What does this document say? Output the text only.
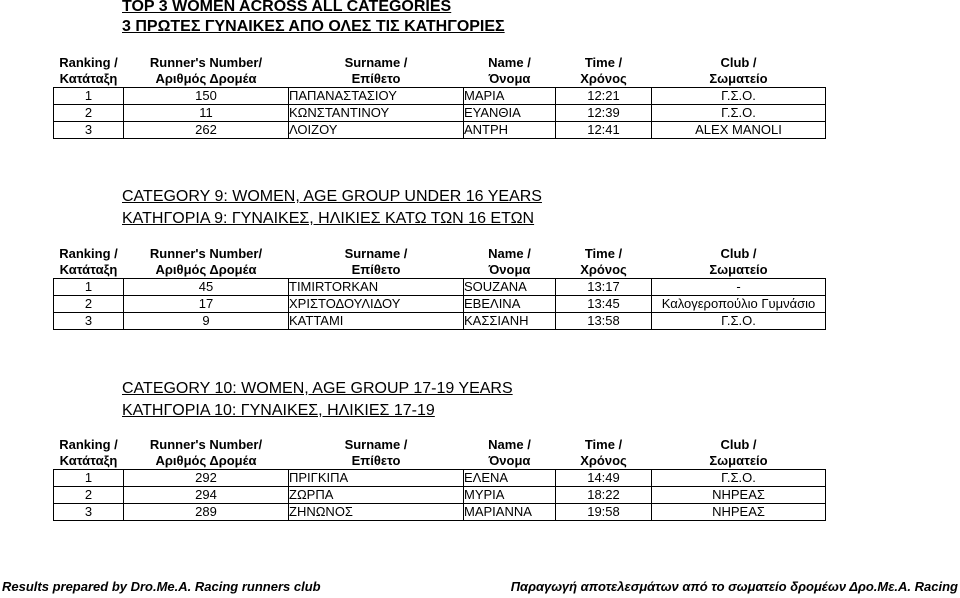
TOP 3 WOMEN ACROSS ALL CATEGORIES
3 ΠΡΩΤΕΣ ΓΥΝΑΙΚΕΣ ΑΠΟ ΟΛΕΣ ΤΙΣ ΚΑΤΗΓΟΡΙΕΣ
Ranking /	Runner's Number/	Surname /	Name /	Time /	Club /
Κατάταξη	Αριθμός Δρομέα	Επίθετο	Όνομα	Χρόνος	Σωματείο
1	150	ΠΑΠΑΝΑΣΤΑΣΙΟΥ	ΜΑΡΙΑ	12:21	Γ.Σ.Ο.
2	11	ΚΩΝΣΤΑΝΤΙΝΟΥ	ΕΥΑΝΘΙΑ	12:39	Γ.Σ.Ο.
3	262	ΛΟΙΖΟΥ	ΑΝΤΡΗ	12:41	ALEX MANOLI
CATEGORY 9: WOMEN, AGE GROUP UNDER 16 YEARS
ΚΑΤΗΓΟΡΙΑ 9: ΓΥΝΑΙΚΕΣ, ΗΛΙΚΙΕΣ ΚΑΤΩ ΤΩΝ 16 ΕΤΩΝ
Ranking /	Runner's Number/	Surname /	Name /	Time /	Club /
Κατάταξη	Αριθμός Δρομέα	Επίθετο	Όνομα	Χρόνος	Σωματείο
1	45	TIMIRTORKAN	SOUZANA	13:17	-
2	17	ΧΡΙΣΤΟΔΟΥΛΙΔΟΥ	ΕΒΕΛΙΝΑ	13:45	Καλογεροπούλιο Γυμνάσιο
3	9	ΚΑΤΤΑΜΙ	ΚΑΣΣΙΑΝΗ	13:58	Γ.Σ.Ο.
CATEGORY 10: WOMEN, AGE GROUP 17-19 YEARS
ΚΑΤΗΓΟΡΙΑ 10: ΓΥΝΑΙΚΕΣ, ΗΛΙΚΙΕΣ 17-19
Ranking /	Runner's Number/	Surname /	Name /	Time /	Club /
Κατάταξη	Αριθμός Δρομέα	Επίθετο	Όνομα	Χρόνος	Σωματείο
1	292	ΠΡΙΓΚΙΠΑ	ΕΛΕΝΑ	14:49	Γ.Σ.Ο.
2	294	ΖΩΡΠΑ	ΜΥΡΙΑ	18:22	ΝΗΡΕΑΣ
3	289	ΖΗΝΩΝΟΣ	ΜΑΡΙΑΝΝΑ	19:58	ΝΗΡΕΑΣ

Results prepared by Dro.Me.A. Racing runners club	Παραγωγή αποτελεσμάτων από το σωματείο δρομέων Δρο.Με.Α. Racing
